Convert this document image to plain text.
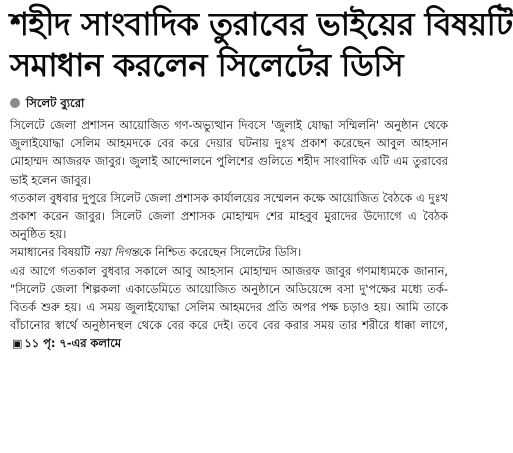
শহীদ সাংবাদিক তুরাবের ভাইয়ের বিষয়টি
সমাধান করলেন সিলেটের ডিসি
সিলেট ব্যুরো

সিলেটে জেলা প্রশাসন আয়োজিত গণ-অভ্যুত্থান দিবসে 'জুলাই যোদ্ধা সম্মিলনি' অনুষ্ঠান থেকে জুলাইযোদ্ধা সেলিম আহমদকে বের করে দেয়ার ঘটনায় দুঃখ প্রকাশ করেছেন আবুল আহসান মোহাম্মদ আজরফ জাবুর। জুলাই আন্দোলনে পুলিশের গুলিতে শহীদ সাংবাদিক এটি এম তুরাবের ভাই হলেন জাবুর।

গতকাল বুধবার দুপুরে সিলেট জেলা প্রশাসক কার্যালয়ের সম্মেলন কক্ষে আয়োজিত বৈঠকে এ দুঃখ প্রকাশ করেন জাবুর। সিলেট জেলা প্রশাসক মোহাম্মদ শের মাহবুব মুরাদের উদ্যোগে এ বৈঠক অনুষ্ঠিত হয়।

সমাধানের বিষয়টি নয়া দিগন্তকে নিশ্চিত করেছেন সিলেটের ডিসি।

এর আগে গতকাল বুধবার সকালে আবু আহসান মোহাম্মদ আজরফ জাবুর গণমাধ্যমকে জানান, "সিলেট জেলা শিল্পকলা একাডেমিতে আয়োজিত অনুষ্ঠানে অডিয়েন্সে বসা দু'পক্ষের মধ্যে তর্ক-বিতর্ক শুরু হয়। এ সময় জুলাইযোদ্ধা সেলিম আহমদের প্রতি অপর পক্ষ চড়াও হয়। আমি তাকে বাঁচানোর স্বার্থে অনুষ্ঠানস্থল থেকে বের করে দেই। তবে বের করার সময় তার শরীরে ধাক্কা লাগে, ▣ ১১ পৃ: ৭-এর কলামে
